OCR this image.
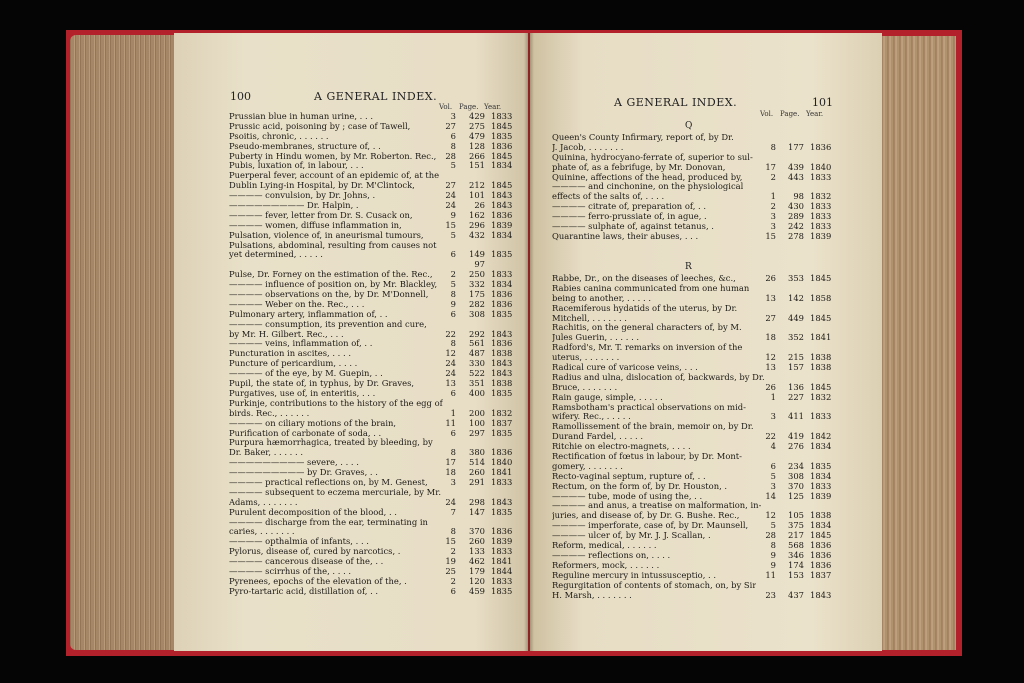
100	A GENERAL INDEX.
Vol. Page. Year.
Prussian blue in human urine, . . .	3	429 1833
Prussic acid, poisoning by ; case of Tawell,	27	275 1845
Psoitis, chronic, . . . . . .	6	479 1835
Pseudo-membranes, structure of, . .	8	128 1836
Puberty in Hindu women, by Mr. Roberton. Rec.,	28	266 1845
Pubis, luxation of, in labour, . . .	5	151 1834
Puerperal fever, account of an epidemic of, at the
Dublin Lying-in Hospital, by Dr. M'Clintock,	27	212 1845
———— convulsion, by Dr. Johns, .	24	101 1843
————————— Dr. Halpin, .	24	26 1843
———— fever, letter from Dr. S. Cusack on,	9	162 1836
———— women, diffuse inflammation in,	15	296 1839
Pulsation, violence of, in aneurismal tumours,	5	432 1834
Pulsations, abdominal, resulting from causes not
yet determined, . . . . .	6	149 1835
97
Pulse, Dr. Forney on the estimation of the. Rec.,	2	250 1833
———— influence of position on, by Mr. Blackley,	5	332 1834
———— observations on the, by Dr. M'Donnell,	8	175 1836
———— Weber on the. Rec., . . .	9	282 1836
Pulmonary artery, inflammation of, . .	6	308 1835
———— consumption, its prevention and cure,
by Mr. H. Gilbert. Rec., . . .	22	292 1843
———— veins, inflammation of, . .	8	561 1836
Puncturation in ascites, . . . .	12	487 1838
Puncture of pericardium, . . . .	24	330 1843
———— of the eye, by M. Guepin, . .	24	522 1843
Pupil, the state of, in typhus, by Dr. Graves,	13	351 1838
Purgatives, use of, in enteritis, . . .	6	400 1835
Purkinje, contributions to the history of the egg of
birds. Rec., . . . . . .	1	200 1832
———— on ciliary motions of the brain,	11	100 1837
Purification of carbonate of soda, . .	6	297 1835
Purpura hæmorrhagica, treated by bleeding, by
Dr. Baker, . . . . . .	8	380 1836
————————— severe, . . . .	17	514 1840
————————— by Dr. Graves, . .	18	260 1841
———— practical reflections on, by M. Genest,	3	291 1833
———— subsequent to eczema mercuriale, by Mr.
Adams, . . . . . . .	24	298 1843
Purulent decomposition of the blood, . .	7	147 1835
———— discharge from the ear, terminating in
caries, . . . . . . .	8	370 1836
———— opthalmia of infants, . . .	15	260 1839
Pylorus, disease of, cured by narcotics, .	2	133 1833
———— cancerous disease of the, . .	19	462 1841
———— scirrhus of the, . . . .	25	179 1844
Pyrenees, epochs of the elevation of the, .	2	120 1833
Pyro-tartaric acid, distillation of, . .	6	459 1835
A GENERAL INDEX.	101
Vol. Page. Year.
Q
Queen's County Infirmary, report of, by Dr.
J. Jacob, . . . . . . .	8	177 1836
Quinina, hydrocyano-ferrate of, superior to sul-
phate of, as a febrifuge, by Mr. Donovan,	17	439 1840
Quinine, affections of the head, produced by,	2	443 1833
———— and cinchonine, on the physiological
effects of the salts of, . . . .	1	98 1832
———— citrate of, preparation of, . .	2	430 1833
———— ferro-prussiate of, in ague, .	3	289 1833
———— sulphate of, against tetanus, .	3	242 1833
Quarantine laws, their abuses, . . .	15	278 1839
R
Rabbe, Dr., on the diseases of leeches, &c.,	26	353 1845
Rabies canina communicated from one human
being to another, . . . . .	13	142 1858
Racemiferous hydatids of the uterus, by Dr.
Mitchell, . . . . . . .	27	449 1845
Rachitis, on the general characters of, by M.
Jules Guerin, . . . . . .	18	352 1841
Radford's, Mr. T. remarks on inversion of the
uterus, . . . . . . .	12	215 1838
Radical cure of varicose veins, . . .	13	157 1838
Radius and ulna, dislocation of, backwards, by Dr.
Bruce, . . . . . . .	26	136 1845
Rain gauge, simple, . . . . .	1	227 1832
Ramsbotham's practical observations on mid-
wifery. Rec., . . . . .	3	411 1833
Ramollissement of the brain, memoir on, by Dr.
Durand Fardel, . . . . .	22	419 1842
Ritchie on electro-magnets, . . . .	4	276 1834
Rectification of fœtus in labour, by Dr. Mont-
gomery, . . . . . . .	6	234 1835
Recto-vaginal septum, rupture of, . .	5	308 1834
Rectum, on the form of, by Dr. Houston, .	3	370 1833
———— tube, mode of using the, . .	14	125 1839
———— and anus, a treatise on malformation, in-
juries, and disease of, by Dr. G. Bushe. Rec.,	12	105 1838
———— imperforate, case of, by Dr. Maunsell,	5	375 1834
———— ulcer of, by Mr. J. J. Scallan, .	28	217 1845
Reform, medical, . . . . . .	8	568 1836
———— reflections on, . . . .	9	346 1836
Reformers, mock, . . . . . .	9	174 1836
Reguline mercury in intussusceptio, . .	11	153 1837
Regurgitation of contents of stomach, on, by Sir
H. Marsh, . . . . . . .	23	437 1843
